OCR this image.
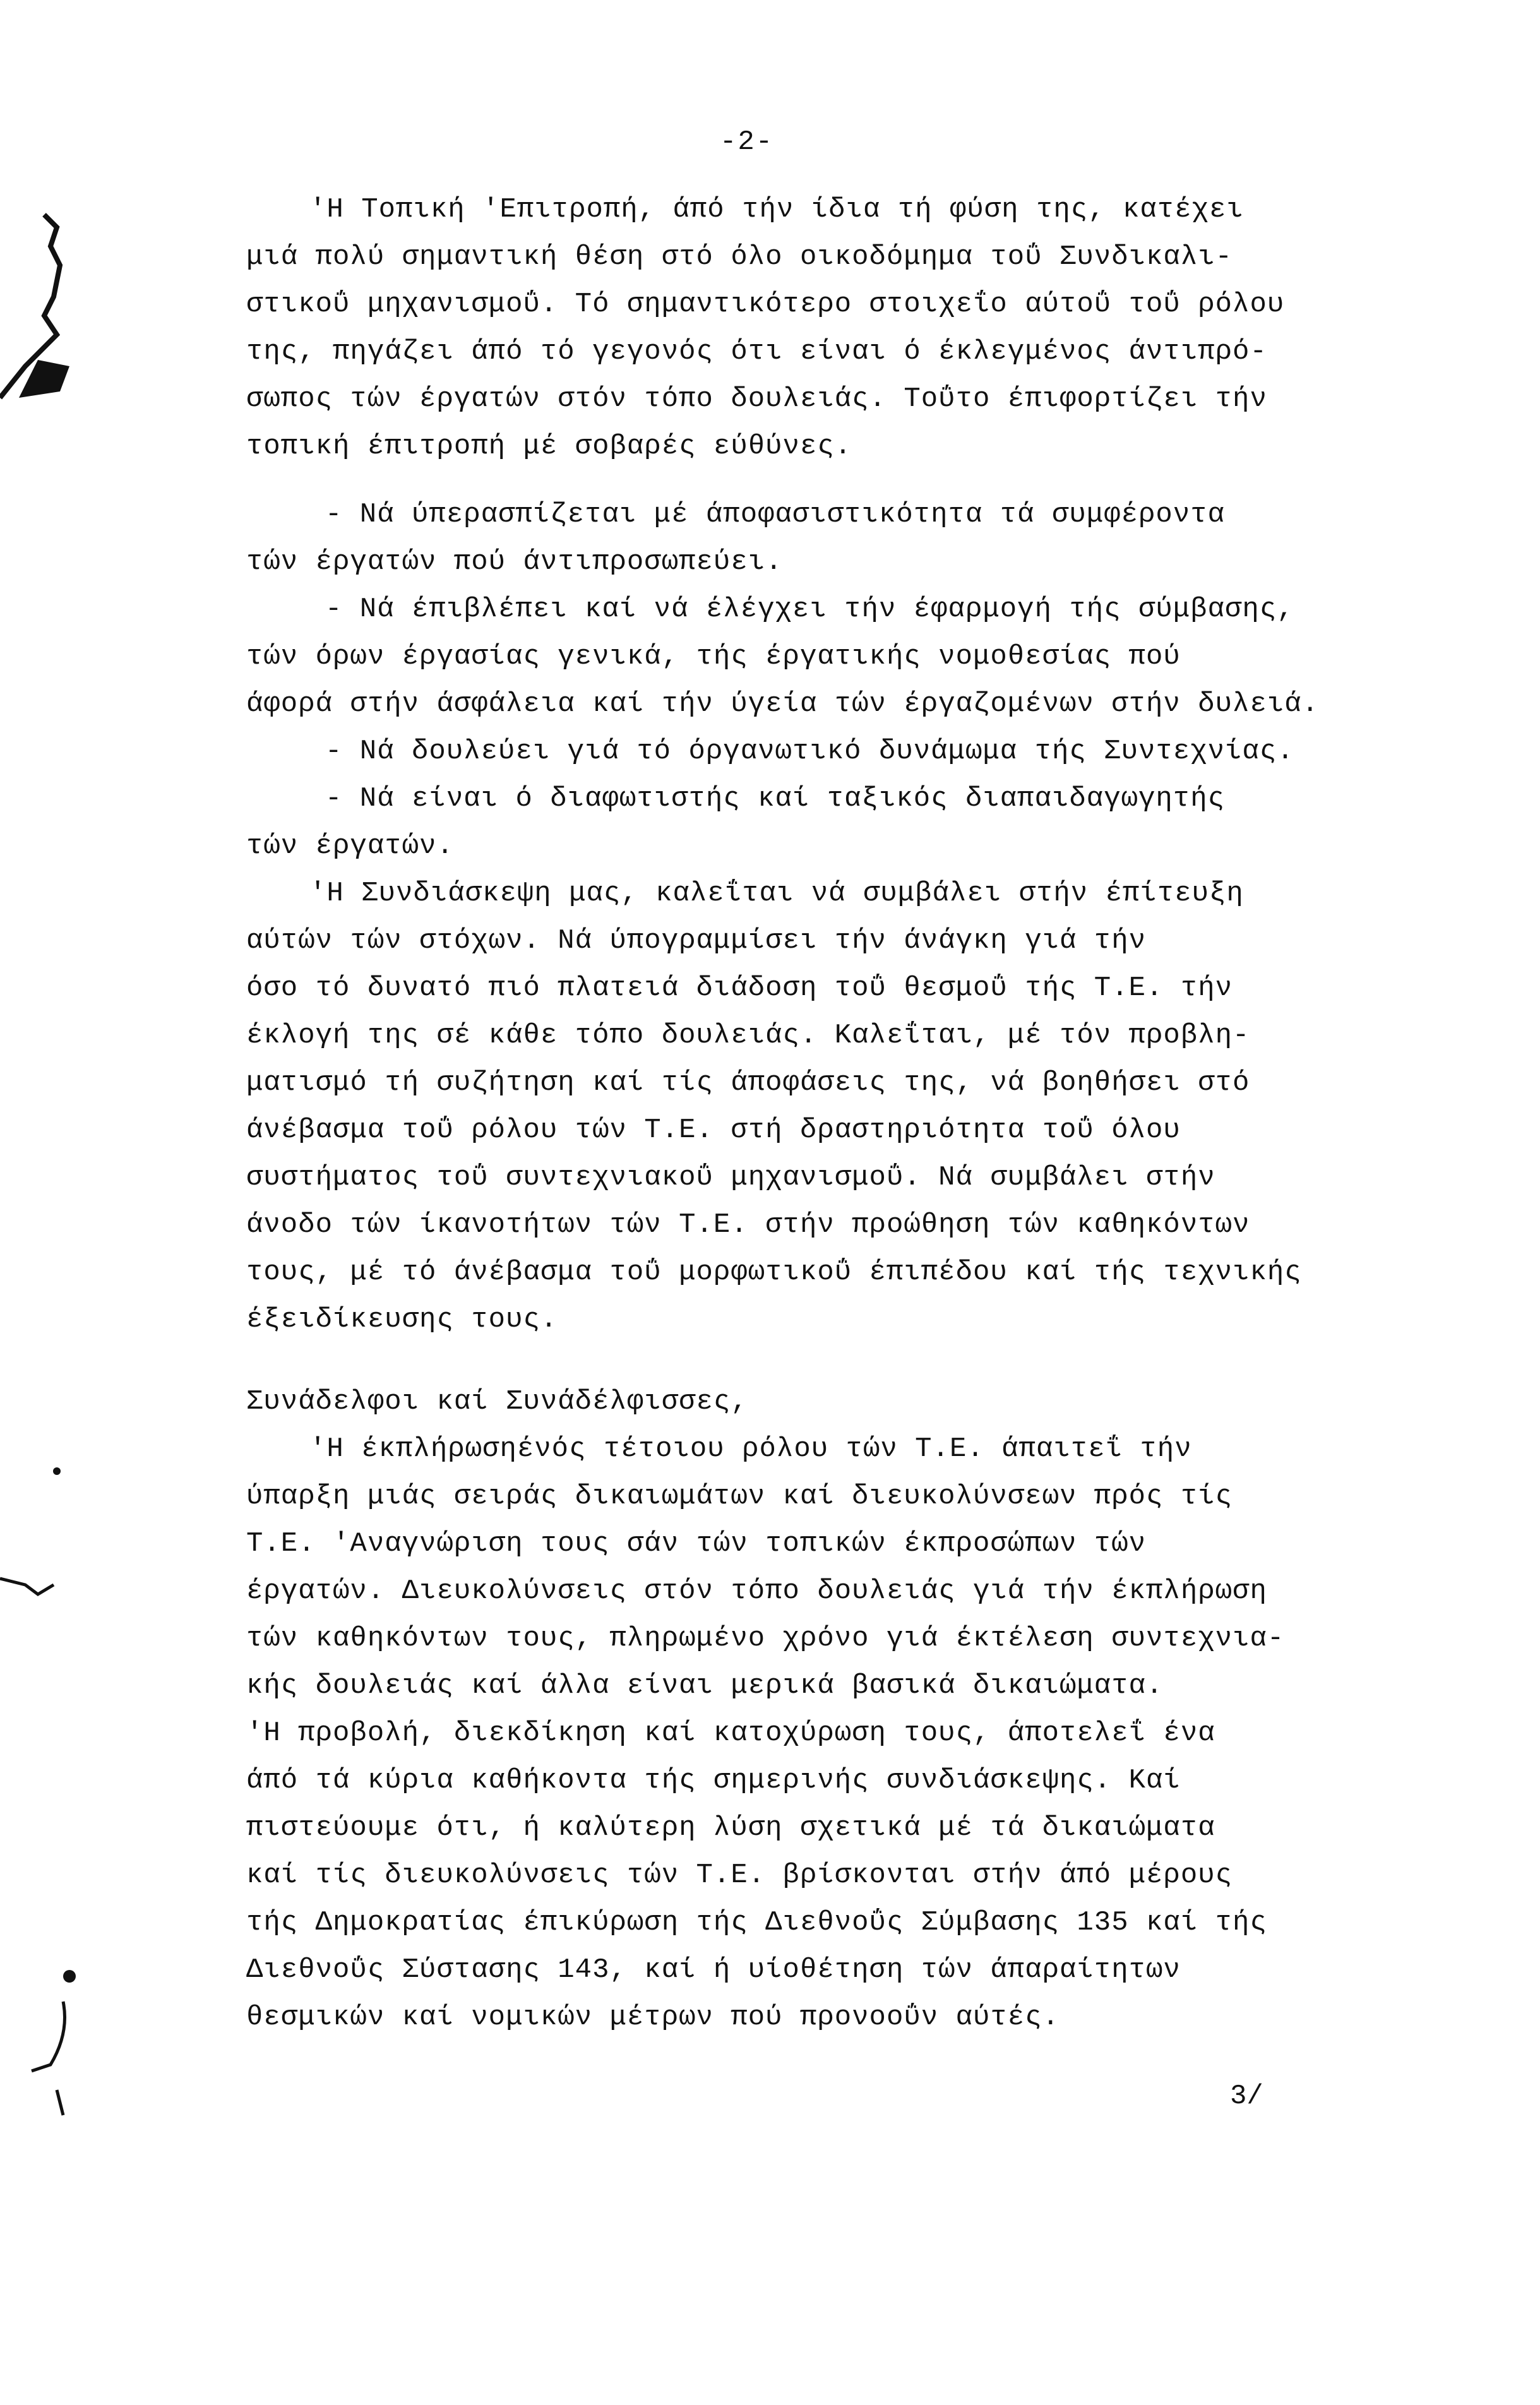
-2-
'Η Τοπική 'Επιτροπή, άπό τήν ίδια τή φύση της, κατέχει
μιά πολύ σημαντική θέση στό όλο οικοδόμημα τοΰ Συνδικαλι-
στικοΰ μηχανισμοΰ. Τό σημαντικότερο στοιχεΐο αύτοΰ τοΰ ρόλου
της, πηγάζει άπό τό γεγονός ότι είναι ό έκλεγμένος άντιπρό-
σωπος τών έργατών στόν τόπο δουλειάς. Τοΰτο έπιφορτίζει τήν
τοπική έπιτροπή μέ σοβαρές εύθύνες.
- Νά ύπερασπίζεται μέ άποφασιστικότητα τά συμφέροντα
τών έργατών πού άντιπροσωπεύει.
- Νά έπιβλέπει καί νά έλέγχει τήν έφαρμογή τής σύμβασης,
τών όρων έργασίας γενικά, τής έργατικής νομοθεσίας πού
άφορά στήν άσφάλεια καί τήν ύγεία τών έργαζομένων στήν δυλειά.
- Νά δουλεύει γιά τό όργανωτικό δυνάμωμα τής Συντεχνίας.
- Νά είναι ό διαφωτιστής καί ταξικός διαπαιδαγωγητής
τών έργατών.
'Η Συνδιάσκεψη μας, καλεΐται νά συμβάλει στήν έπίτευξη
αύτών τών στόχων. Νά ύπογραμμίσει τήν άνάγκη γιά τήν
όσο τό δυνατό πιό πλατειά διάδοση τοΰ θεσμοΰ τής Τ.Ε. τήν
έκλογή της σέ κάθε τόπο δουλειάς. Καλεΐται, μέ τόν προβλη-
ματισμό τή συζήτηση καί τίς άποφάσεις της, νά βοηθήσει στό
άνέβασμα τοΰ ρόλου τών Τ.Ε. στή δραστηριότητα τοΰ όλου
συστήματος τοΰ συντεχνιακοΰ μηχανισμοΰ. Νά συμβάλει στήν
άνοδο τών ίκανοτήτων τών Τ.Ε. στήν προώθηση τών καθηκόντων
τους, μέ τό άνέβασμα τοΰ μορφωτικοΰ έπιπέδου καί τής τεχνικής
έξειδίκευσης τους.
Συνάδελφοι καί Συνάδέλφισσες,
'Η έκπλήρωσηένός τέτοιου ρόλου τών Τ.Ε. άπαιτεΐ τήν
ύπαρξη μιάς σειράς δικαιωμάτων καί διευκολύνσεων πρός τίς
Τ.Ε. 'Αναγνώριση τους σάν τών τοπικών έκπροσώπων τών
έργατών. Διευκολύνσεις στόν τόπο δουλειάς γιά τήν έκπλήρωση
τών καθηκόντων τους, πληρωμένο χρόνο γιά έκτέλεση συντεχνια-
κής δουλειάς καί άλλα είναι μερικά βασικά δικαιώματα.
'Η προβολή, διεκδίκηση καί κατοχύρωση τους, άποτελεΐ ένα
άπό τά κύρια καθήκοντα τής σημερινής συνδιάσκεψης. Καί
πιστεύουμε ότι, ή καλύτερη λύση σχετικά μέ τά δικαιώματα
καί τίς διευκολύνσεις τών Τ.Ε. βρίσκονται στήν άπό μέρους
τής Δημοκρατίας έπικύρωση τής Διεθνοΰς Σύμβασης 135 καί τής
Διεθνοΰς Σύστασης 143, καί ή υίοθέτηση τών άπαραίτητων
θεσμικών καί νομικών μέτρων πού προνοοΰν αύτές.
3/
